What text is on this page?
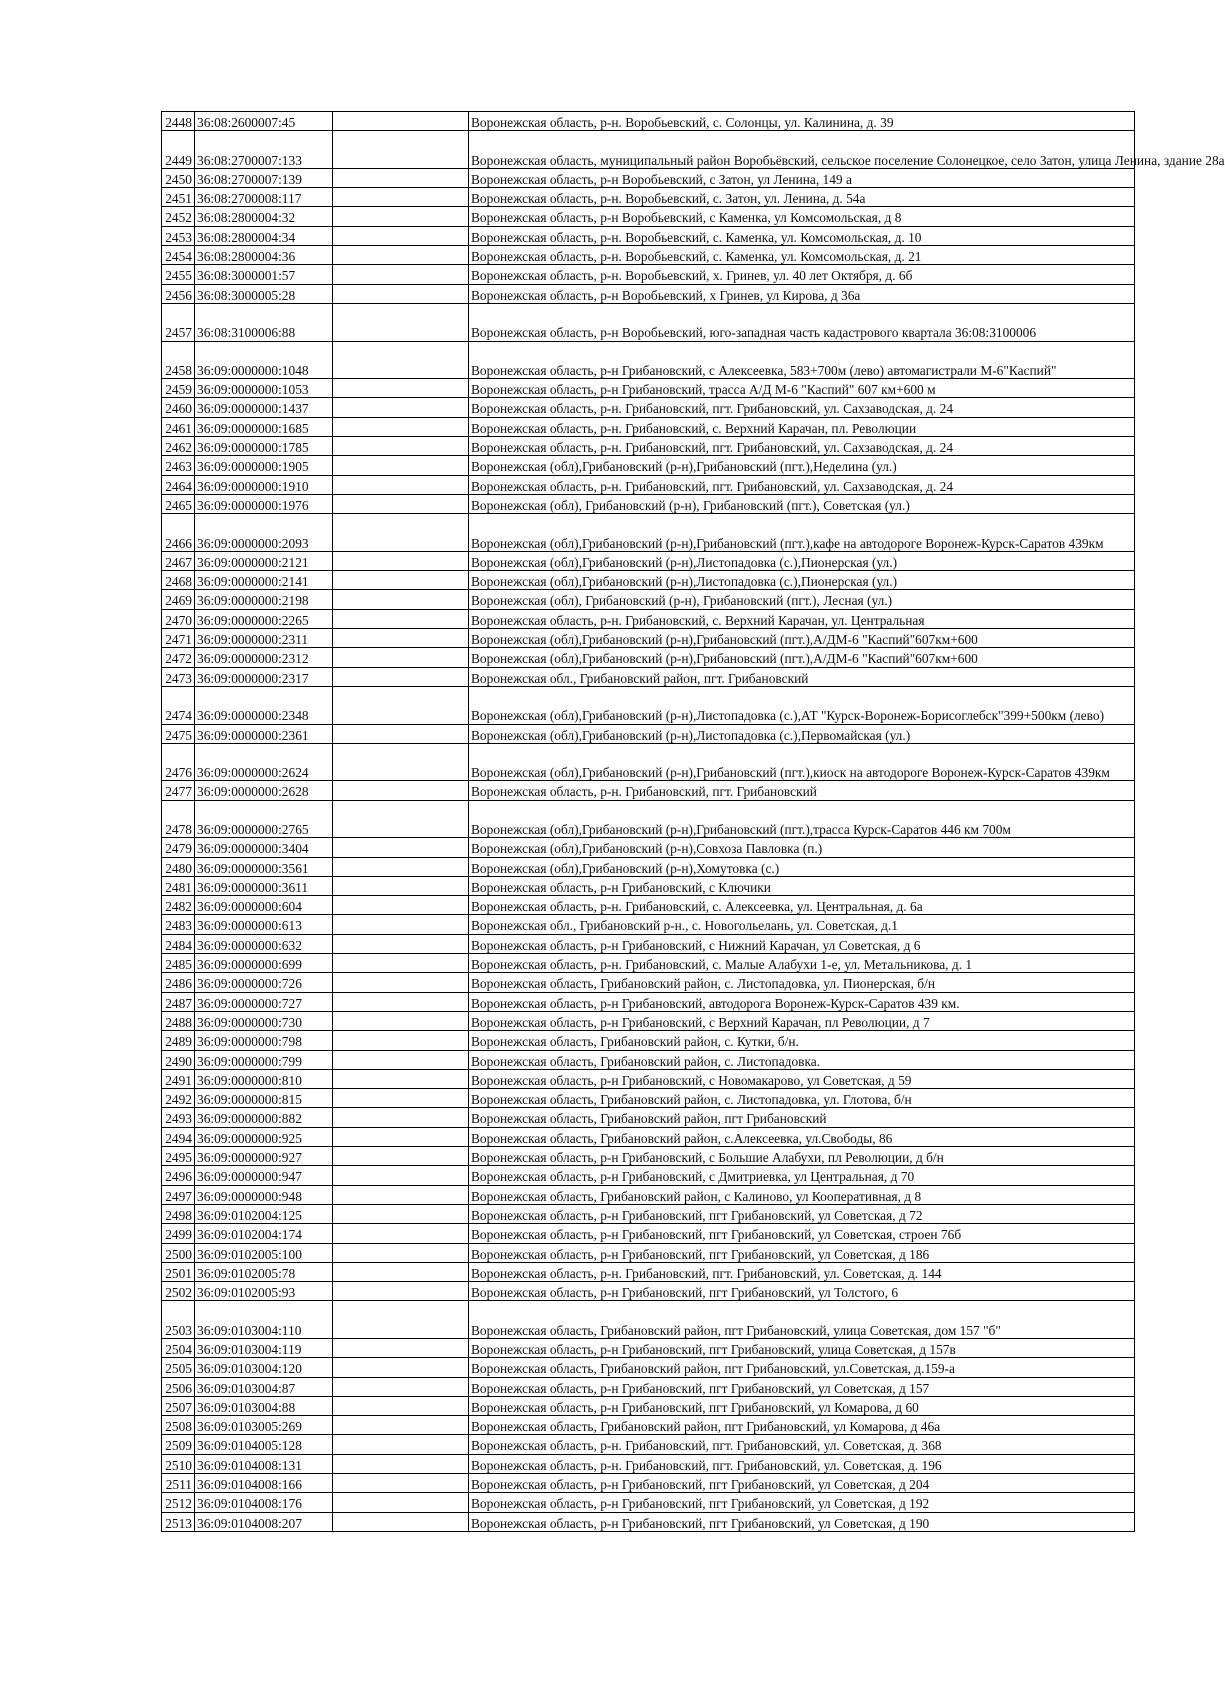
2448	36:08:2600007:45		Воронежская область, р-н. Воробьевский, с. Солонцы, ул. Калинина, д. 39
2449	36:08:2700007:133		Воронежская область, муниципальный район Воробьёвский, сельское поселение Солонецкое, село Затон, улица Ленина, здание 28а
2450	36:08:2700007:139		Воронежская область, р-н Воробьевский, с Затон, ул Ленина, 149 а
2451	36:08:2700008:117		Воронежская область, р-н. Воробьевский, с. Затон, ул. Ленина, д. 54а
2452	36:08:2800004:32		Воронежская область, р-н Воробьевский, с Каменка, ул Комсомольская, д 8
2453	36:08:2800004:34		Воронежская область, р-н. Воробьевский, с. Каменка, ул. Комсомольская, д. 10
2454	36:08:2800004:36		Воронежская область, р-н. Воробьевский, с. Каменка, ул. Комсомольская, д. 21
2455	36:08:3000001:57		Воронежская область, р-н. Воробьевский, х. Гринев, ул. 40 лет Октября, д. 6б
2456	36:08:3000005:28		Воронежская область, р-н Воробьевский, х Гринев, ул Кирова, д 36а
2457	36:08:3100006:88		Воронежская область, р-н Воробьевский, юго-западная часть кадастрового квартала 36:08:3100006
2458	36:09:0000000:1048		Воронежская область, р-н Грибановский, с Алексеевка, 583+700м (лево) автомагистрали М-6"Каспий"
2459	36:09:0000000:1053		Воронежская область, р-н Грибановский, трасса А/Д М-6 "Каспий" 607 км+600 м
2460	36:09:0000000:1437		Воронежская область, р-н. Грибановский, пгт. Грибановский, ул. Сахзаводская, д. 24
2461	36:09:0000000:1685		Воронежская область, р-н. Грибановский, с. Верхний Карачан, пл. Революции
2462	36:09:0000000:1785		Воронежская область, р-н. Грибановский, пгт. Грибановский, ул. Сахзаводская, д. 24
2463	36:09:0000000:1905		Воронежская (обл),Грибановский (р-н),Грибановский (пгт.),Неделина (ул.)
2464	36:09:0000000:1910		Воронежская область, р-н. Грибановский, пгт. Грибановский, ул. Сахзаводская, д. 24
2465	36:09:0000000:1976		Воронежская (обл), Грибановский (р-н), Грибановский (пгт.), Советская (ул.)
2466	36:09:0000000:2093		Воронежская (обл),Грибановский (р-н),Грибановский (пгт.),кафе на автодороге Воронеж-Курск-Саратов 439км
2467	36:09:0000000:2121		Воронежская (обл),Грибановский (р-н),Листопадовка (с.),Пионерская (ул.)
2468	36:09:0000000:2141		Воронежская (обл),Грибановский (р-н),Листопадовка (с.),Пионерская (ул.)
2469	36:09:0000000:2198		Воронежская (обл), Грибановский (р-н), Грибановский (пгт.), Лесная (ул.)
2470	36:09:0000000:2265		Воронежская область, р-н. Грибановский, с. Верхний Карачан, ул. Центральная
2471	36:09:0000000:2311		Воронежская (обл),Грибановский (р-н),Грибановский (пгт.),А/ДМ-6 "Каспий"607км+600
2472	36:09:0000000:2312		Воронежская (обл),Грибановский (р-н),Грибановский (пгт.),А/ДМ-6 "Каспий"607км+600
2473	36:09:0000000:2317		Воронежская обл., Грибановский район, пгт. Грибановский
2474	36:09:0000000:2348		Воронежская (обл),Грибановский (р-н),Листопадовка (с.),АТ "Курск-Воронеж-Борисоглебск"399+500км (лево)
2475	36:09:0000000:2361		Воронежская (обл),Грибановский (р-н),Листопадовка (с.),Первомайская (ул.)
2476	36:09:0000000:2624		Воронежская (обл),Грибановский (р-н),Грибановский (пгт.),киоск на автодороге Воронеж-Курск-Саратов 439км
2477	36:09:0000000:2628		Воронежская область, р-н. Грибановский, пгт. Грибановский
2478	36:09:0000000:2765		Воронежская (обл),Грибановский (р-н),Грибановский (пгт.),трасса Курск-Саратов 446 км 700м
2479	36:09:0000000:3404		Воронежская (обл),Грибановский (р-н),Совхоза Павловка (п.)
2480	36:09:0000000:3561		Воронежская (обл),Грибановский (р-н),Хомутовка (с.)
2481	36:09:0000000:3611		Воронежская область, р-н Грибановский, с Ключики
2482	36:09:0000000:604		Воронежская область, р-н. Грибановский, с. Алексеевка, ул. Центральная, д. 6а
2483	36:09:0000000:613		Воронежская обл., Грибановский р-н., с. Новогольелань, ул. Советская, д.1
2484	36:09:0000000:632		Воронежская область, р-н Грибановский, с Нижний Карачан, ул Советская, д 6
2485	36:09:0000000:699		Воронежская область, р-н. Грибановский, с. Малые Алабухи 1-е, ул. Метальникова, д. 1
2486	36:09:0000000:726		Воронежская область, Грибановский район, с. Листопадовка, ул. Пионерская, б/н
2487	36:09:0000000:727		Воронежская область, р-н Грибановский, автодорога Воронеж-Курск-Саратов 439 км.
2488	36:09:0000000:730		Воронежская область, р-н Грибановский, с Верхний Карачан, пл Революции, д 7
2489	36:09:0000000:798		Воронежская область, Грибановский район, с. Кутки, б/н.
2490	36:09:0000000:799		Воронежская область, Грибановский район, с. Листопадовка.
2491	36:09:0000000:810		Воронежская область, р-н Грибановский, с Новомакарово, ул Советская, д 59
2492	36:09:0000000:815		Воронежская область, Грибановский район, с. Листопадовка, ул. Глотова, б/н
2493	36:09:0000000:882		Воронежская область, Грибановский район, пгт Грибановский
2494	36:09:0000000:925		Воронежская область, Грибановский район, с.Алексеевка, ул.Свободы, 86
2495	36:09:0000000:927		Воронежская область, р-н Грибановский, с Большие Алабухи, пл Революции, д б/н
2496	36:09:0000000:947		Воронежская область, р-н Грибановский, с Дмитриевка, ул Центральная, д 70
2497	36:09:0000000:948		Воронежская область, Грибановский район, с Калиново, ул Кооперативная, д 8
2498	36:09:0102004:125		Воронежская область, р-н Грибановский, пгт Грибановский, ул Советская, д 72
2499	36:09:0102004:174		Воронежская область, р-н Грибановский, пгт Грибановский, ул Советская, строен 76б
2500	36:09:0102005:100		Воронежская область, р-н Грибановский, пгт Грибановский, ул Советская, д 186
2501	36:09:0102005:78		Воронежская область, р-н. Грибановский, пгт. Грибановский, ул. Советская, д. 144
2502	36:09:0102005:93		Воронежская область, р-н Грибановский, пгт Грибановский, ул Толстого, 6
2503	36:09:0103004:110		Воронежская область, Грибановский район, пгт Грибановский, улица Советская, дом 157 "б"
2504	36:09:0103004:119		Воронежская область, р-н Грибановский, пгт Грибановский, улица Советская, д 157в
2505	36:09:0103004:120		Воронежская область, Грибановский район, пгт Грибановский, ул.Советская, д.159-а
2506	36:09:0103004:87		Воронежская область, р-н Грибановский, пгт Грибановский, ул Советская, д 157
2507	36:09:0103004:88		Воронежская область, р-н Грибановский, пгт Грибановский, ул Комарова, д 60
2508	36:09:0103005:269		Воронежская область, Грибановский район, пгт Грибановский, ул Комарова, д 46а
2509	36:09:0104005:128		Воронежская область, р-н. Грибановский, пгт. Грибановский, ул. Советская, д. 368
2510	36:09:0104008:131		Воронежская область, р-н. Грибановский, пгт. Грибановский, ул. Советская, д. 196
2511	36:09:0104008:166		Воронежская область, р-н Грибановский, пгт Грибановский, ул Советская, д 204
2512	36:09:0104008:176		Воронежская область, р-н Грибановский, пгт Грибановский, ул Советская, д 192
2513	36:09:0104008:207		Воронежская область, р-н Грибановский, пгт Грибановский, ул Советская, д 190
